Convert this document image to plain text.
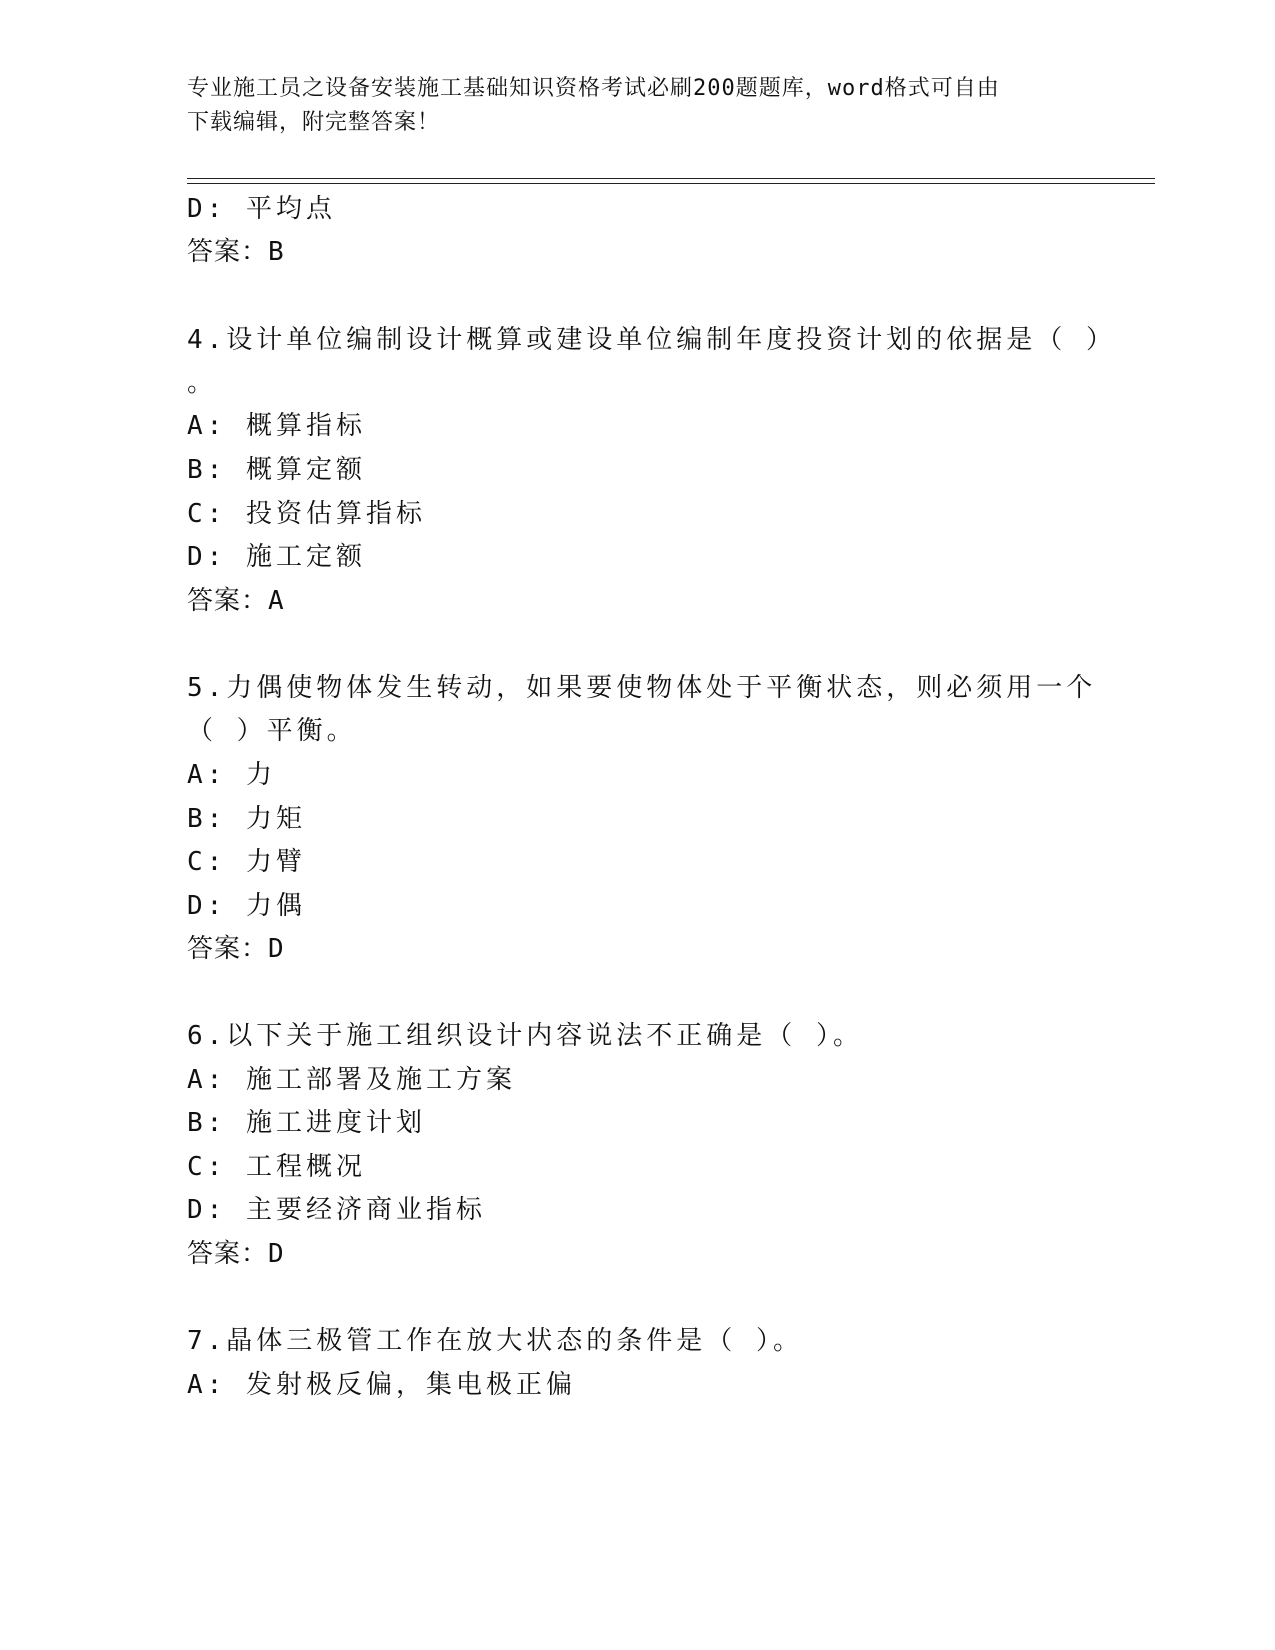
专业施工员之设备安装施工基础知识资格考试必刷200题题库，word格式可自由
下载编辑，附完整答案！
D: 平均点
答案：B
4.设计单位编制设计概算或建设单位编制年度投资计划的依据是（ ）
。
A: 概算指标
B: 概算定额
C: 投资估算指标
D: 施工定额
答案：A
5.力偶使物体发生转动，如果要使物体处于平衡状态，则必须用一个
（ ）平衡。
A: 力
B: 力矩
C: 力臂
D: 力偶
答案：D
6.以下关于施工组织设计内容说法不正确是（ ）。
A: 施工部署及施工方案
B: 施工进度计划
C: 工程概况
D: 主要经济商业指标
答案：D
7.晶体三极管工作在放大状态的条件是（ ）。
A: 发射极反偏，集电极正偏
